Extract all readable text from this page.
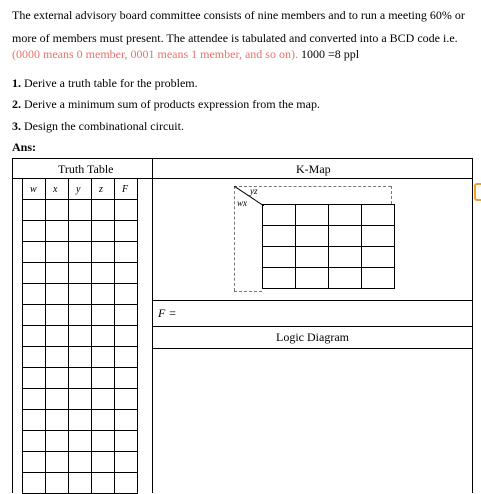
The external advisory board committee consists of nine members and to run a meeting 60% or
more of members must present. The attendee is tabulated and converted into a BCD code i.e.
(0000 means 0 member, 0001 means 1 member, and so on). 1000 =8 ppl
1. Derive a truth table for the problem.
2. Derive a minimum sum of products expression from the map.
3. Design the combinational circuit.
Ans:
Truth Table	K-Map
F =
Logic Diagram
w x y z F	yz
wx
